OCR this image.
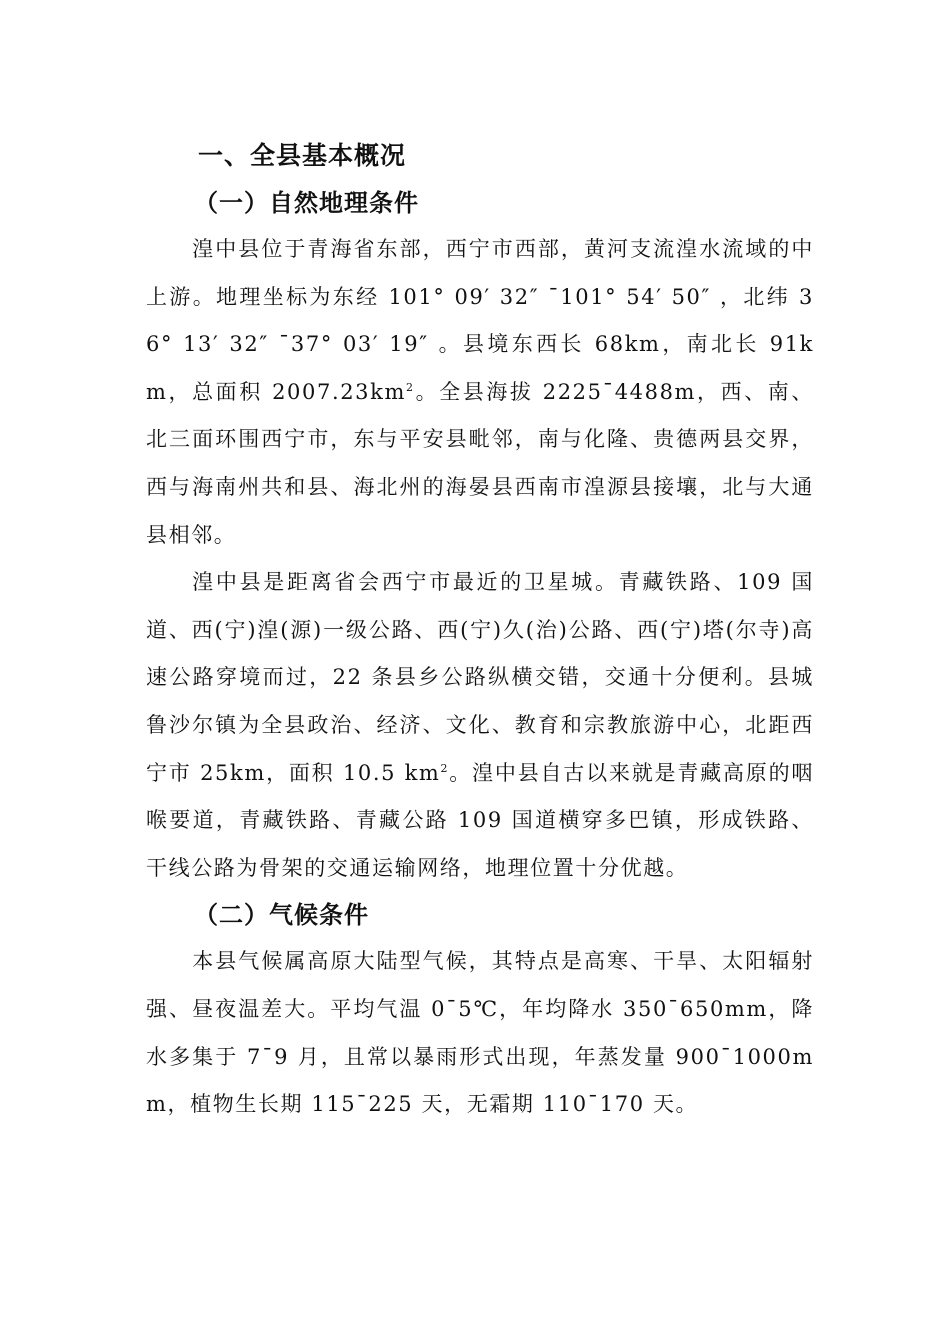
一、全县基本概况
（一）自然地理条件

湟中县位于青海省东部，西宁市西部，黄河支流湟水流域的中上游。地理坐标为东经 101° 09′ 32″ ¯101° 54′ 50″ ，北纬 36° 13′ 32″ ¯37° 03′ 19″ 。县境东西长 68km，南北长 91km，总面积 $2007.23km^2$。全县海拔 2225¯4488m，西、南、北三面环围西宁市，东与平安县毗邻，南与化隆、贵德两县交界，西与海南州共和县、海北州的海晏县西南市湟源县接壤，北与大通县相邻。

湟中县是距离省会西宁市最近的卫星城。青藏铁路、109 国道、西(宁)湟(源)一级公路、西(宁)久(治)公路、西(宁)塔(尔寺)高速公路穿境而过，22 条县乡公路纵横交错，交通十分便利。县城鲁沙尔镇为全县政治、经济、文化、教育和宗教旅游中心，北距西宁市 25km，面积 10.5 $km^2$。湟中县自古以来就是青藏高原的咽喉要道，青藏铁路、青藏公路 109 国道横穿多巴镇，形成铁路、干线公路为骨架的交通运输网络，地理位置十分优越。

（二）气候条件

本县气候属高原大陆型气候，其特点是高寒、干旱、太阳辐射强、昼夜温差大。平均气温 0¯5℃，年均降水 350¯650mm，降水多集于 7¯9 月，且常以暴雨形式出现，年蒸发量 900¯1000mm，植物生长期 115¯225 天，无霜期 110¯170 天。
